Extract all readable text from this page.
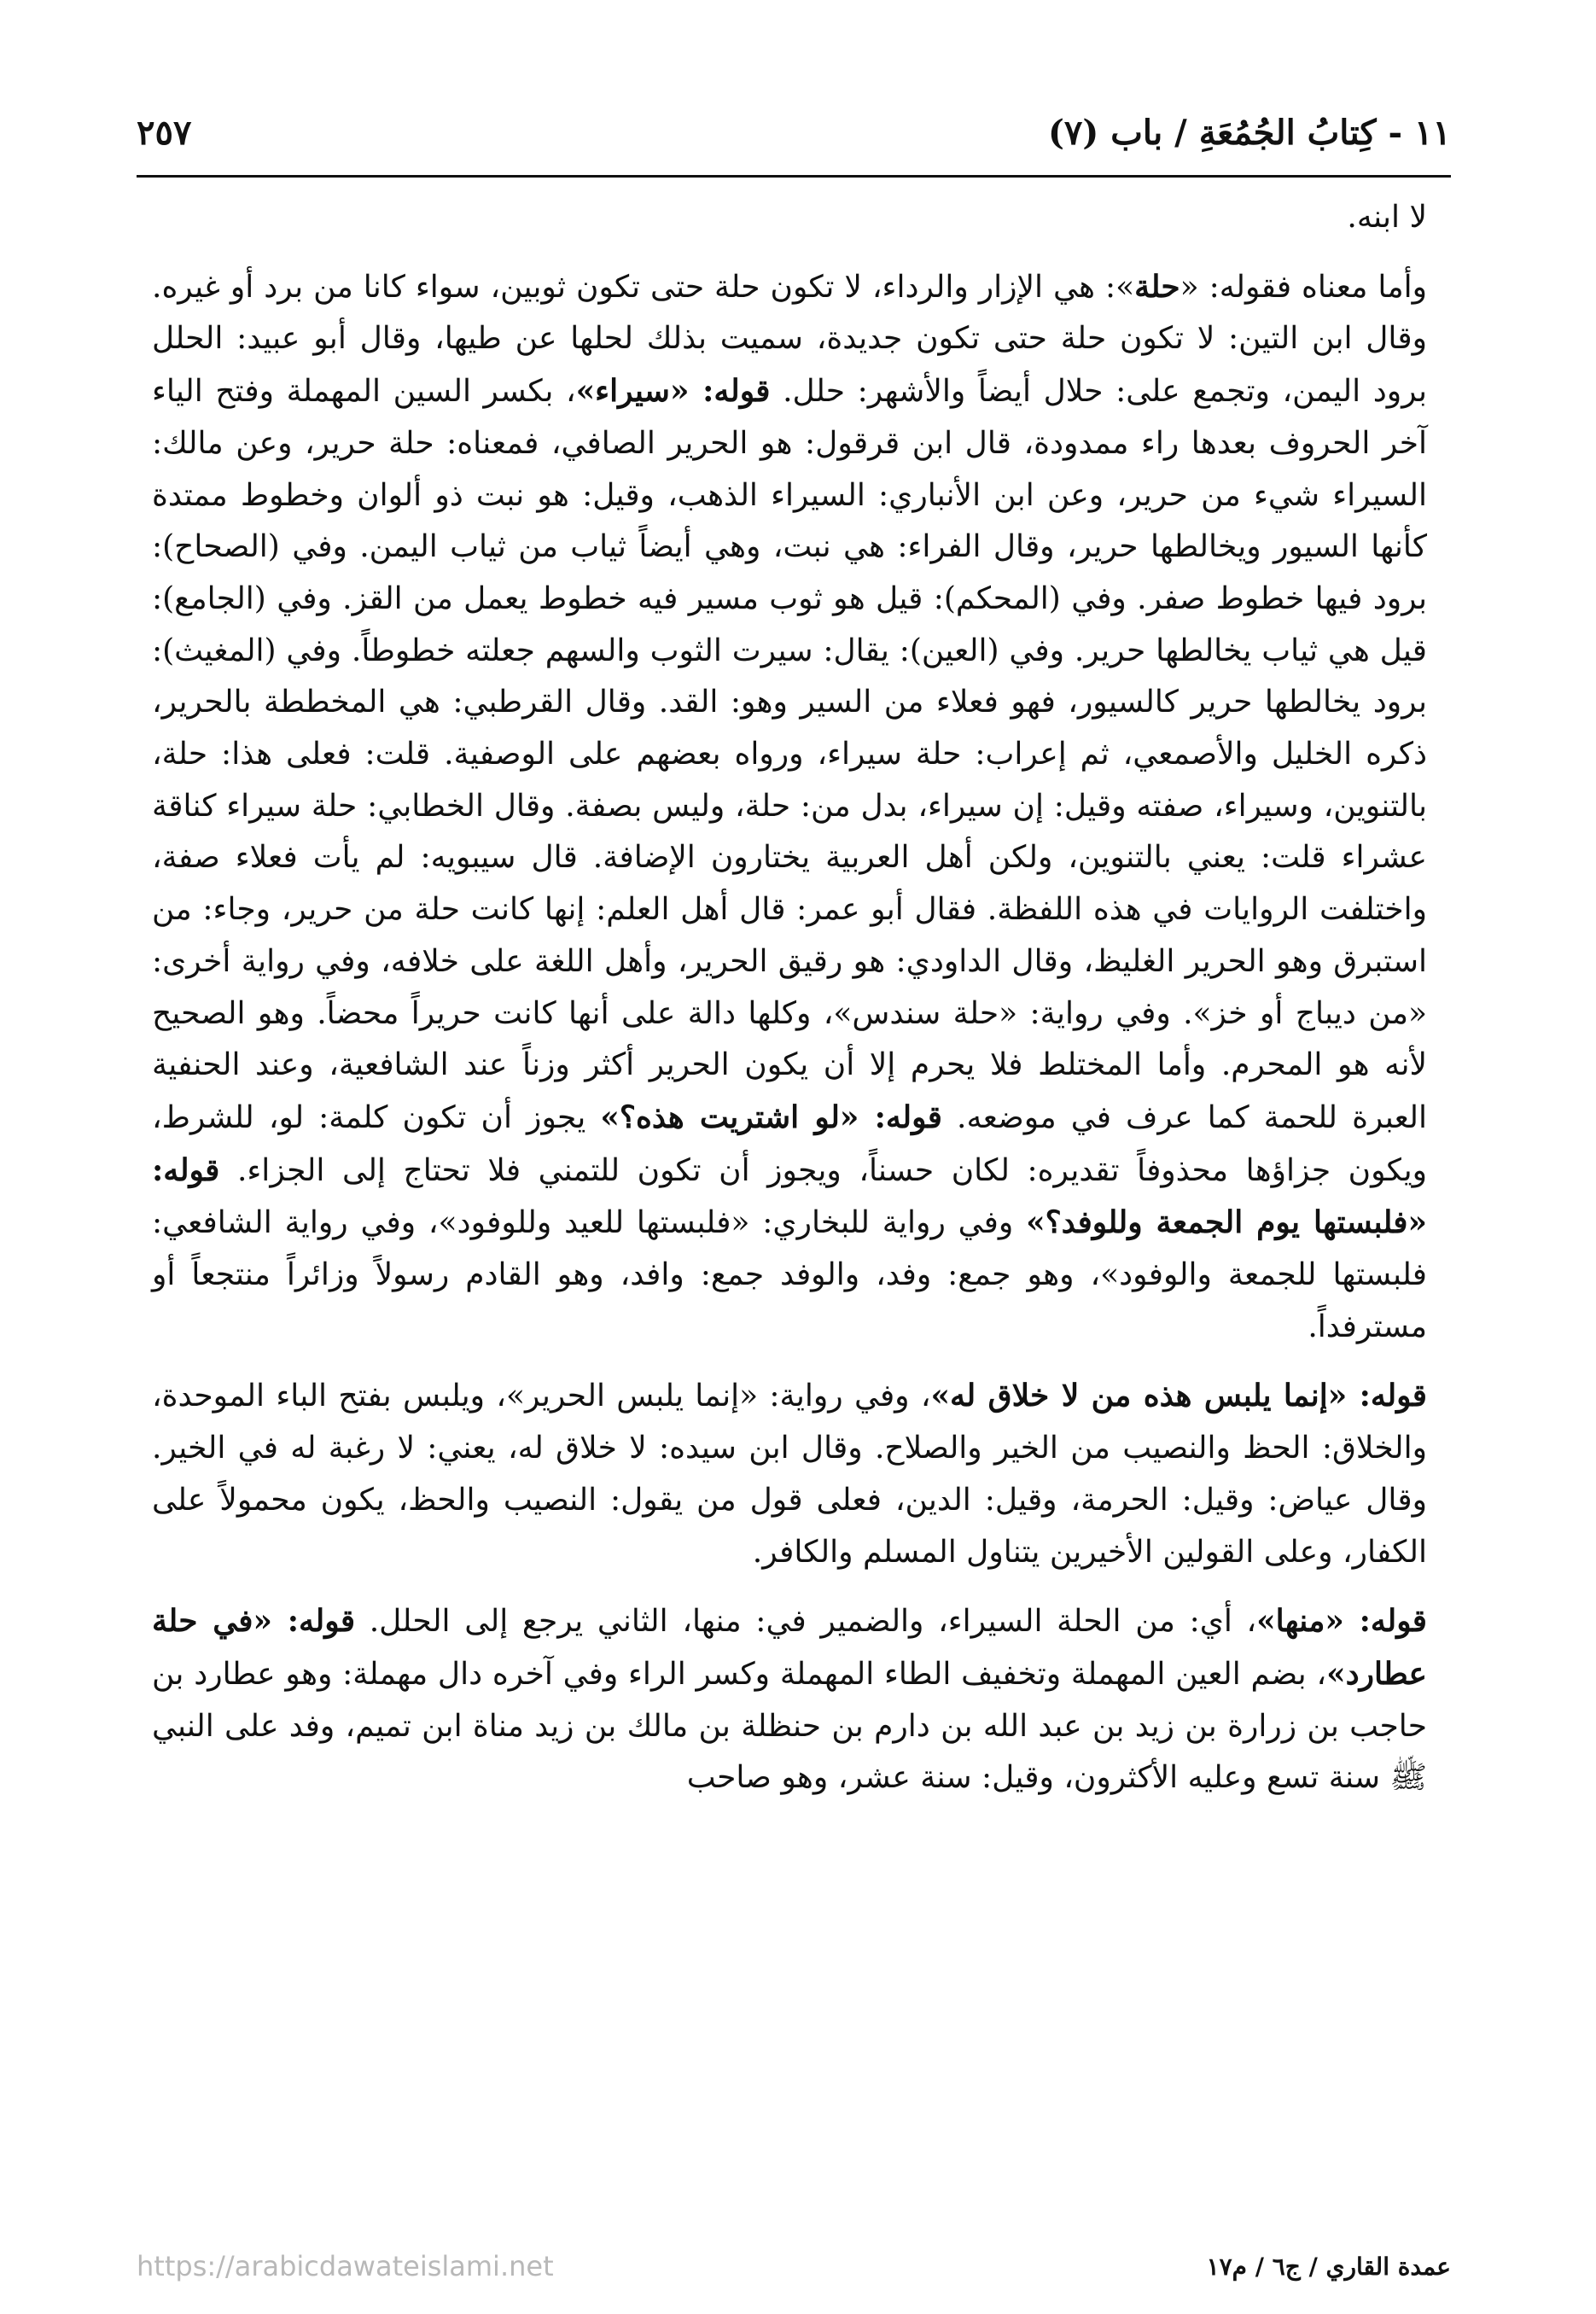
١١ - كِتابُ الجُمُعَةِ / باب (٧)
٢٥٧

لا ابنه.

وأما معناه فقوله: «حلة»: هي الإزار والرداء، لا تكون حلة حتى تكون ثوبين، سواء كانا من برد أو غيره. وقال ابن التين: لا تكون حلة حتى تكون جديدة، سميت بذلك لحلها عن طيها، وقال أبو عبيد: الحلل برود اليمن، وتجمع على: حلال أيضاً والأشهر: حلل. قوله: «سيراء»، بكسر السين المهملة وفتح الياء آخر الحروف بعدها راء ممدودة، قال ابن قرقول: هو الحرير الصافي، فمعناه: حلة حرير، وعن مالك: السيراء شيء من حرير، وعن ابن الأنباري: السيراء الذهب، وقيل: هو نبت ذو ألوان وخطوط ممتدة كأنها السيور ويخالطها حرير، وقال الفراء: هي نبت، وهي أيضاً ثياب من ثياب اليمن. وفي (الصحاح): برود فيها خطوط صفر. وفي (المحكم): قيل هو ثوب مسير فيه خطوط يعمل من القز. وفي (الجامع): قيل هي ثياب يخالطها حرير. وفي (العين): يقال: سيرت الثوب والسهم جعلته خطوطاً. وفي (المغيث): برود يخالطها حرير كالسيور، فهو فعلاء من السير وهو: القد. وقال القرطبي: هي المخططة بالحرير، ذكره الخليل والأصمعي، ثم إعراب: حلة سيراء، ورواه بعضهم على الوصفية. قلت: فعلى هذا: حلة، بالتنوين، وسيراء، صفته وقيل: إن سيراء، بدل من: حلة، وليس بصفة. وقال الخطابي: حلة سيراء كناقة عشراء قلت: يعني بالتنوين، ولكن أهل العربية يختارون الإضافة. قال سيبويه: لم يأت فعلاء صفة، واختلفت الروايات في هذه اللفظة. فقال أبو عمر: قال أهل العلم: إنها كانت حلة من حرير، وجاء: من استبرق وهو الحرير الغليظ، وقال الداودي: هو رقيق الحرير، وأهل اللغة على خلافه، وفي رواية أخرى: «من ديباج أو خز». وفي رواية: «حلة سندس»، وكلها دالة على أنها كانت حريراً محضاً. وهو الصحيح لأنه هو المحرم. وأما المختلط فلا يحرم إلا أن يكون الحرير أكثر وزناً عند الشافعية، وعند الحنفية العبرة للحمة كما عرف في موضعه. قوله: «لو اشتريت هذه؟» يجوز أن تكون كلمة: لو، للشرط، ويكون جزاؤها محذوفاً تقديره: لكان حسناً، ويجوز أن تكون للتمني فلا تحتاج إلى الجزاء. قوله: «فلبستها يوم الجمعة وللوفد؟» وفي رواية للبخاري: «فلبستها للعيد وللوفود»، وفي رواية الشافعي: فلبستها للجمعة والوفود»، وهو جمع: وفد، والوفد جمع: وافد، وهو القادم رسولاً وزائراً منتجعاً أو مسترفداً.

قوله: «إنما يلبس هذه من لا خلاق له»، وفي رواية: «إنما يلبس الحرير»، ويلبس بفتح الباء الموحدة، والخلاق: الحظ والنصيب من الخير والصلاح. وقال ابن سيده: لا خلاق له، يعني: لا رغبة له في الخير. وقال عياض: وقيل: الحرمة، وقيل: الدين، فعلى قول من يقول: النصيب والحظ، يكون محمولاً على الكفار، وعلى القولين الأخيرين يتناول المسلم والكافر.

قوله: «منها»، أي: من الحلة السيراء، والضمير في: منها، الثاني يرجع إلى الحلل. قوله: «في حلة عطارد»، بضم العين المهملة وتخفيف الطاء المهملة وكسر الراء وفي آخره دال مهملة: وهو عطارد بن حاجب بن زرارة بن زيد بن عبد الله بن دارم بن حنظلة بن مالك بن زيد مناة ابن تميم، وفد على النبي ﷺ سنة تسع وعليه الأكثرون، وقيل: سنة عشر، وهو صاحب

عمدة القاري / ج٦ / م١٧
https://arabicdawateislami.net
